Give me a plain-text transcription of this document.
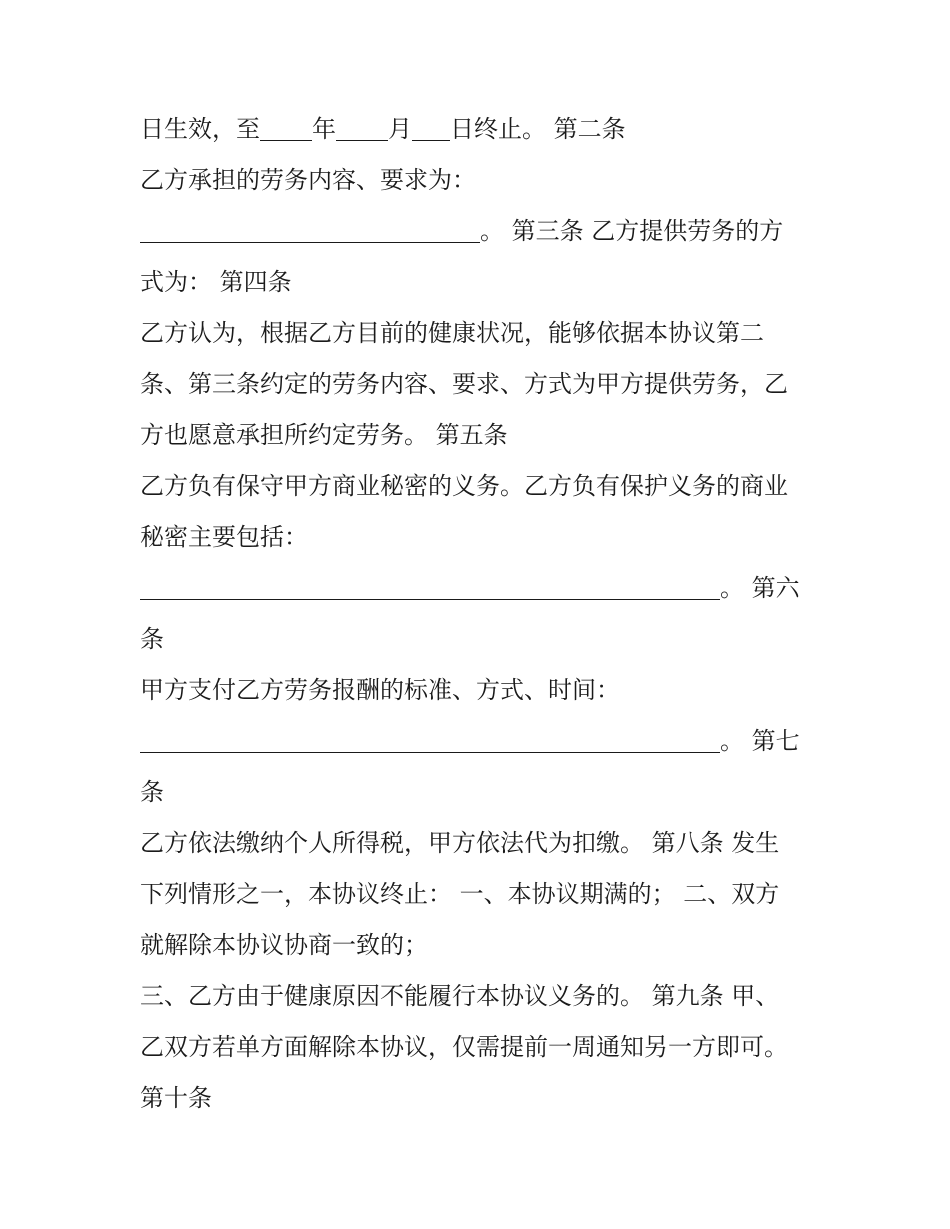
日生效，至 年 月 日终止。 第二条
乙方承担的劳务内容、要求为：
。 第三条 乙方提供劳务的方
式为： 第四条
乙方认为，根据乙方目前的健康状况，能够依据本协议第二
条、第三条约定的劳务内容、要求、方式为甲方提供劳务，乙
方也愿意承担所约定劳务。 第五条
乙方负有保守甲方商业秘密的义务。乙方负有保护义务的商业
秘密主要包括：
。 第六
条
甲方支付乙方劳务报酬的标准、方式、时间：
。 第七
条
乙方依法缴纳个人所得税，甲方依法代为扣缴。 第八条 发生
下列情形之一，本协议终止： 一、本协议期满的； 二、双方
就解除本协议协商一致的；
三、乙方由于健康原因不能履行本协议义务的。 第九条 甲、
乙双方若单方面解除本协议，仅需提前一周通知另一方即可。
第十条
